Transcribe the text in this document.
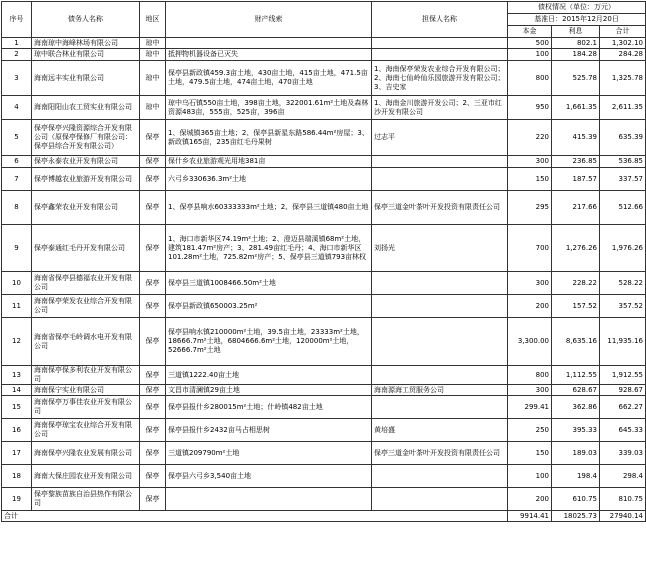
序号	债务人名称	地区	财产线索	担保人名称	债权情况（单位：万元）		
					基准日：2015年12月20日		
					本金	利息	合计
1	海南琼中海峰林场有限公司	琼中			500	802.1	1,302.10
2	琼中联合林业有限公司	琼中	抵押物机器设备已灭失		100	184.28	284.28
3	海南远丰实业有限公司	琼中	保亭县新政镇459.3亩土地，430亩土地，415亩土地，471.5亩土地，479.5亩土地，474亩土地，470亩土地	1、海南保亭荣发农业综合开发有限公司；2、海南七仙岭仙乐园旅游开发有限公司；3、吉史家	800	525.78	1,325.78
4	海南阳阳山农工贸实业有限公司	琼中	琼中乌石镇550亩土地，398亩土地，322001.61m²土地及森林资源483亩，555亩，525亩，396亩	1、海南金川旅游开发公司；2、三亚市红沙开发有限公司	950	1,661.35	2,611.35
5	保亭保亭兴隆资源综合开发有限公司（原保亭保修厂有限公司：保亭县综合开发有限公司）	保亭	1、保城镇365亩土地；2、保亭县新星东路586.44m²房屋；3、新政镇165亩，235亩红毛丹果树	过志平	220	415.39	635.39
6	保亭永泰农业开发有限公司	保亭	保什乡农业旅游观光用地381亩		300	236.85	536.85
7	保亭博越农业旅游开发有限公司	保亭	六弓乡330636.3m²土地		150	187.57	337.57
8	保亭鑫荣农业开发有限公司	保亭	1、保亭县响水60333333m²土地；2、保亭县三道镇480亩土地	保亭三道金叶茶叶开发投资有限责任公司	295	217.66	512.66
9	保亭泰通红毛丹开发有限公司	保亭	1、海口市新华区74.19m²土地；2、澄迈县瑞溪镇68m²土地，建筑181.47m²房产；3、281.49亩红毛丹；4、海口市新华区101.28m²土地，725.82m²房产；5、保亭县三道镇793亩林权	刘扬光	700	1,276.26	1,976.26
10	海南省保亭县德福农业开发有限公司	保亭	保亭县三道镇1008466.50m²土地		300	228.22	528.22
11	海南保亭荣发农业综合开发有限公司	保亭	保亭县新政镇650003.25m²		200	157.52	357.52
12	海南省保亭毛岭调水电开发有限公司	保亭	保亭县响水镇210000m²土地，39.5亩土地，23333m²土地，18666.7m²土地，6804666.6m²土地，120000m²土地，52666.7m²土地		3,300.00	8,635.16	11,935.16
13	海南保亭保多利农业开发有限公司	保亭	三道镇1222.40亩土地		800	1,112.55	1,912.55
14	海南保宁实业有限公司	保亭	文昌市清澜镇29亩土地	海南源海工贸服务公司	300	628.67	928.67
15	海南保亭万事佳农业开发有限公司	保亭	保亭县报什乡280015m²土地；什岭镇482亩土地		299.41	362.86	662.27
16	海南保亭琼宝农业综合开发有限公司	保亭	保亭县报什乡2432亩马占相思树	黄培盛	250	395.33	645.33
17	海南保亭兴隆农业发展有限公司	保亭	三道镇209790m²土地	保亭三道金叶茶叶开发投资有限责任公司	150	189.03	339.03
18	海南大保庄园农业开发有限公司	保亭	保亭县六弓乡3,540亩土地		100	198.4	298.4
19	保亭黎族苗族自治县热作有限公司	保亭			200	610.75	810.75
合计					9914.41	18025.73	27940.14
